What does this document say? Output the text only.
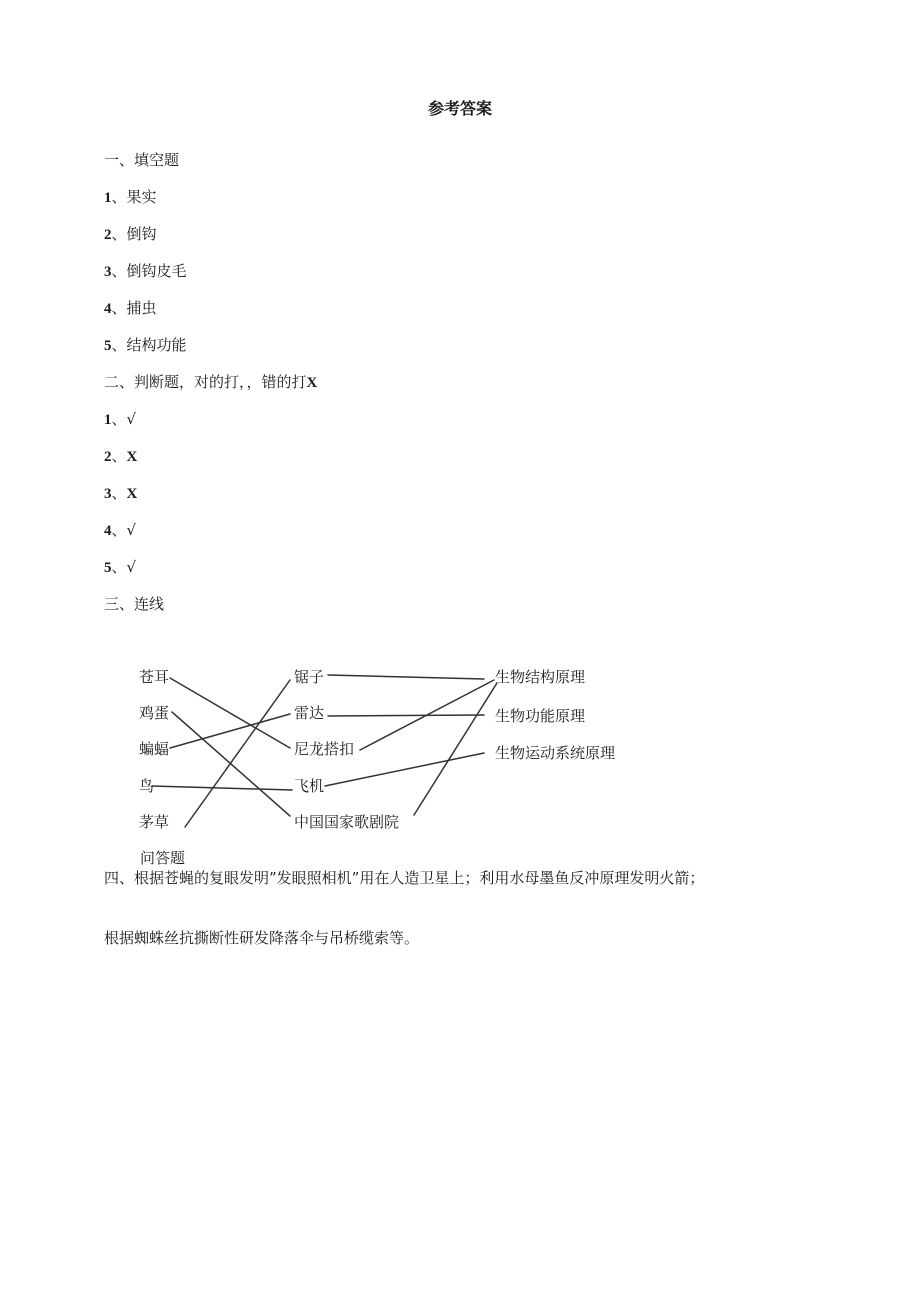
参考答案
一、填空题
1、果实
2、倒钩
3、倒钩皮毛
4、捕虫
5、结构功能
二、判断题，对的打，，错的打X
1、√
2、X
3、X
4、√
5、√
三、连线
苍耳
鸡蛋
蝙蝠
鸟
茅草
锯子
雷达
尼龙搭扣
飞机
中国国家歌剧院
生物结构原理
生物功能原理
生物运动系统原理
问答题
四、根据苍蝇的复眼发明”发眼照相机”用在人造卫星上；利用水母墨鱼反冲原理发明火箭；
根据蜘蛛丝抗撕断性研发降落伞与吊桥缆索等。
